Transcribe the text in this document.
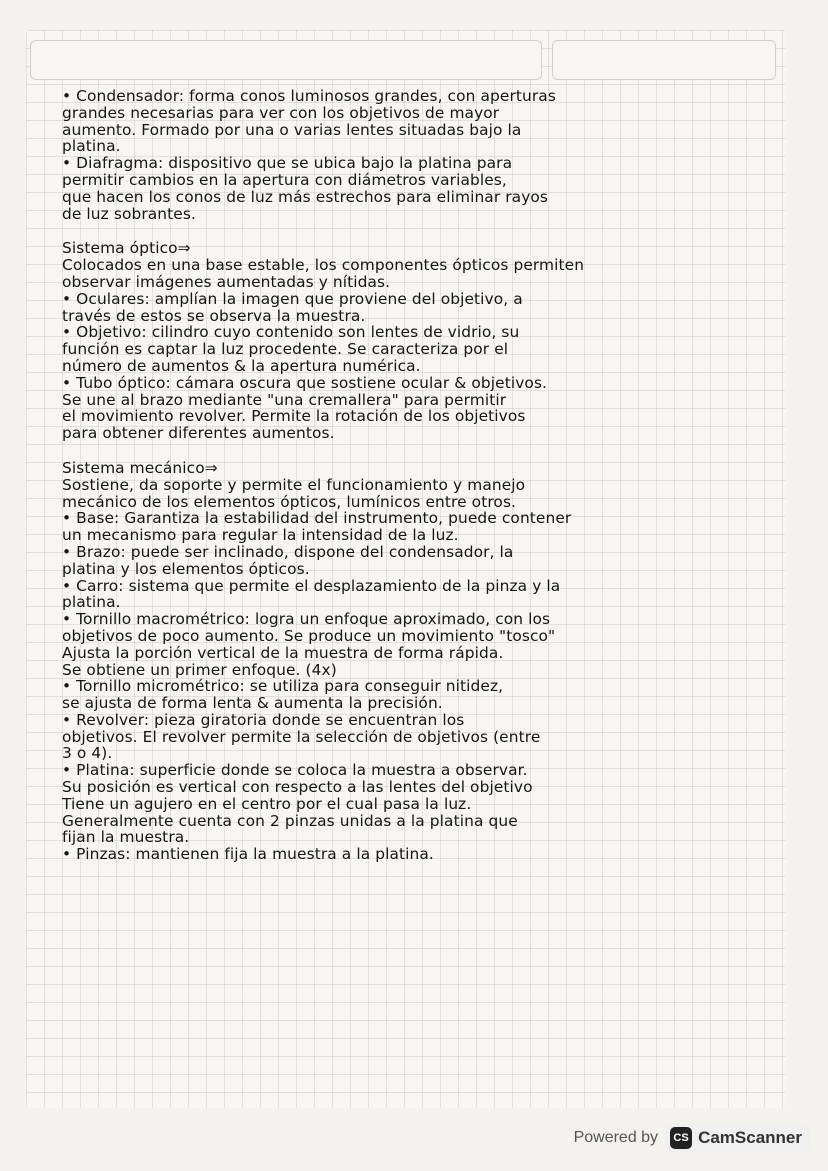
• Condensador: forma conos luminosos grandes, con aperturas

grandes necesarias para ver con los objetivos de mayor

aumento. Formado por una o varias lentes situadas bajo la

platina.

• Diafragma: dispositivo que se ubica bajo la platina para

permitir cambios en la apertura con diámetros variables,

que hacen los conos de luz más estrechos para eliminar rayos

de luz sobrantes.

Sistema óptico⇒

Colocados en una base estable, los componentes ópticos permiten

observar imágenes aumentadas y nítidas.

• Oculares: amplían la imagen que proviene del objetivo, a

través de estos se observa la muestra.

• Objetivo: cilindro cuyo contenido son lentes de vidrio, su

función es captar la luz procedente. Se caracteriza por el

número de aumentos & la apertura numérica.

• Tubo óptico: cámara oscura que sostiene ocular & objetivos.

Se une al brazo mediante "una cremallera" para permitir

el movimiento revolver. Permite la rotación de los objetivos

para obtener diferentes aumentos.

Sistema mecánico⇒

Sostiene, da soporte y permite el funcionamiento y manejo

mecánico de los elementos ópticos, lumínicos entre otros.

• Base: Garantiza la estabilidad del instrumento, puede contener

un mecanismo para regular la intensidad de la luz.

• Brazo: puede ser inclinado, dispone del condensador, la

platina y los elementos ópticos.

• Carro: sistema que permite el desplazamiento de la pinza y la

platina.

• Tornillo macrométrico: logra un enfoque aproximado, con los

objetivos de poco aumento. Se produce un movimiento "tosco"

Ajusta la porción vertical de la muestra de forma rápida.

Se obtiene un primer enfoque. (4x)

• Tornillo micrométrico: se utiliza para conseguir nitidez,

se ajusta de forma lenta & aumenta la precisión.

• Revolver: pieza giratoria donde se encuentran los

objetivos. El revolver permite la selección de objetivos (entre

3 o 4).

• Platina: superficie donde se coloca la muestra a observar.

Su posición es vertical con respecto a las lentes del objetivo

Tiene un agujero en el centro por el cual pasa la luz.

Generalmente cuenta con 2 pinzas unidas a la platina que

fijan la muestra.

• Pinzas: mantienen fija la muestra a la platina.

Powered by	CS CamScanner
